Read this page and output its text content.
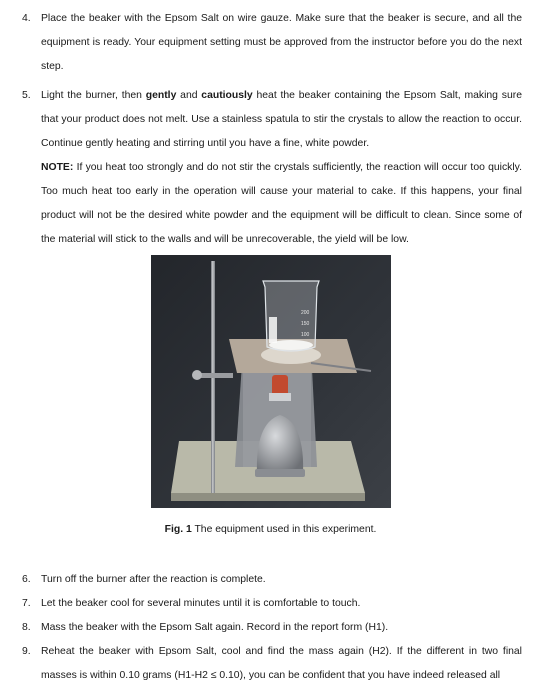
4. Place the beaker with the Epsom Salt on wire gauze. Make sure that the beaker is secure, and all the equipment is ready. Your equipment setting must be approved from the instructor before you do the next step.
5. Light the burner, then gently and cautiously heat the beaker containing the Epsom Salt, making sure that your product does not melt. Use a stainless spatula to stir the crystals to allow the reaction to occur. Continue gently heating and stirring until you have a fine, white powder.
NOTE: If you heat too strongly and do not stir the crystals sufficiently, the reaction will occur too quickly. Too much heat too early in the operation will cause your material to cake. If this happens, your final product will not be the desired white powder and the equipment will be difficult to clean. Since some of the material will stick to the walls and will be unrecoverable, the yield will be low.
200
150
100
Fig. 1 The equipment used in this experiment.
6. Turn off the burner after the reaction is complete.
7. Let the beaker cool for several minutes until it is comfortable to touch.
8. Mass the beaker with the Epsom Salt again. Record in the report form (H1).
9. Reheat the beaker with Epsom Salt, cool and find the mass again (H2). If the different in two final masses is within 0.10 grams (H1-H2 ≤ 0.10), you can be confident that you have indeed released all
